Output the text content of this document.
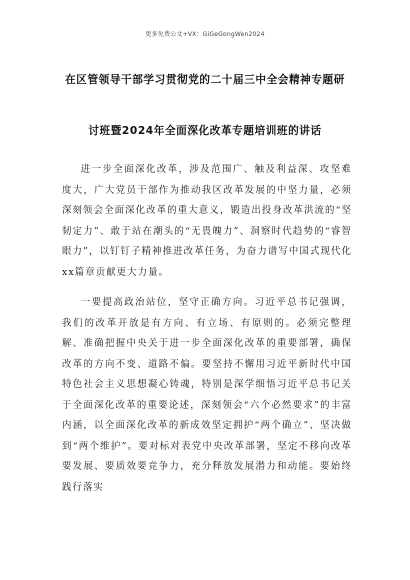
更多免费公文+VX：GiGeGongWen2024
在区管领导干部学习贯彻党的二十届三中全会精神专题研
讨班暨2024年全面深化改革专题培训班的讲话

进一步全面深化改革，涉及范围广、触及利益深、攻坚难度大，广大党员干部作为推动我区改革发展的中坚力量，必须深刻领会全面深化改革的重大意义，锻造出投身改革洪流的“坚韧定力”、敢于站在潮头的“无畏魄力”、洞察时代趋势的“睿智眼力”，以钉钉子精神推进改革任务，为奋力谱写中国式现代化xx篇章贡献更大力量。

一要提高政治站位，坚守正确方向。习近平总书记强调，我们的改革开放是有方向、有立场、有原则的。必须完整理解、准确把握中央关于进一步全面深化改革的重要部署，确保改革的方向不变、道路不偏。要坚持不懈用习近平新时代中国特色社会主义思想凝心铸魂，特别是深学细悟习近平总书记关于全面深化改革的重要论述，深刻领会“六个必然要求”的丰富内涵，以全面深化改革的新成效坚定拥护“两个确立”、坚决做到“两个维护”。要对标对表党中央改革部署，坚定不移向改革要发展、要质效要竞争力，充分释放发展潜力和动能。要始终践行落实
